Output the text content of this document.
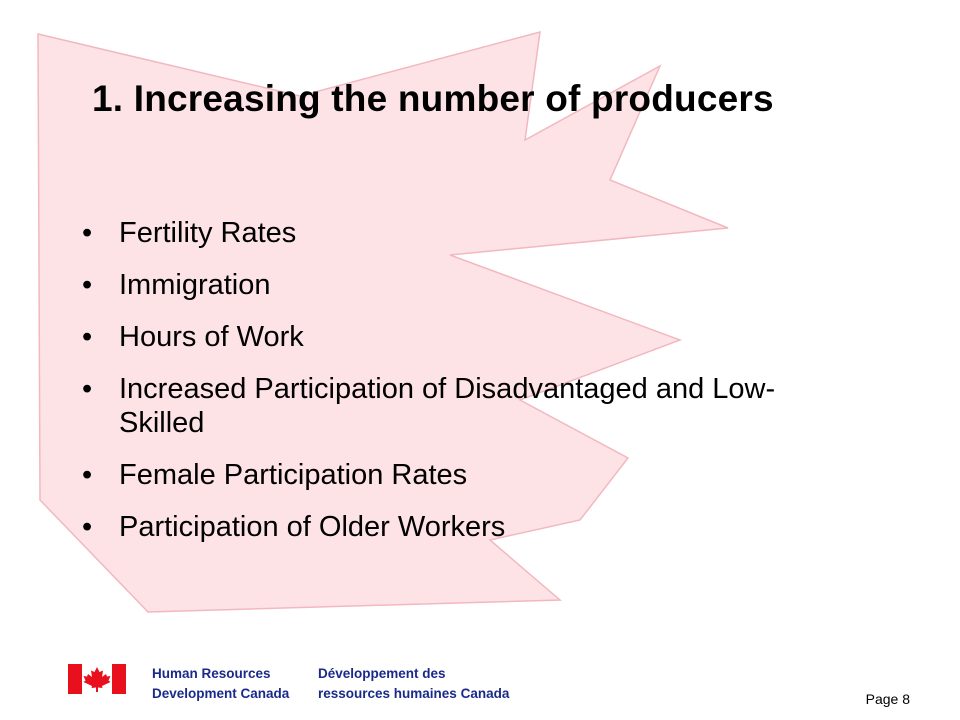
1. Increasing the number of producers
• Fertility Rates
• Immigration
• Hours of Work
• Increased Participation of Disadvantaged and Low-Skilled
• Female Participation Rates
• Participation of Older Workers
Human Resources
Development Canada
Développement des
ressources humaines Canada	Page 8
